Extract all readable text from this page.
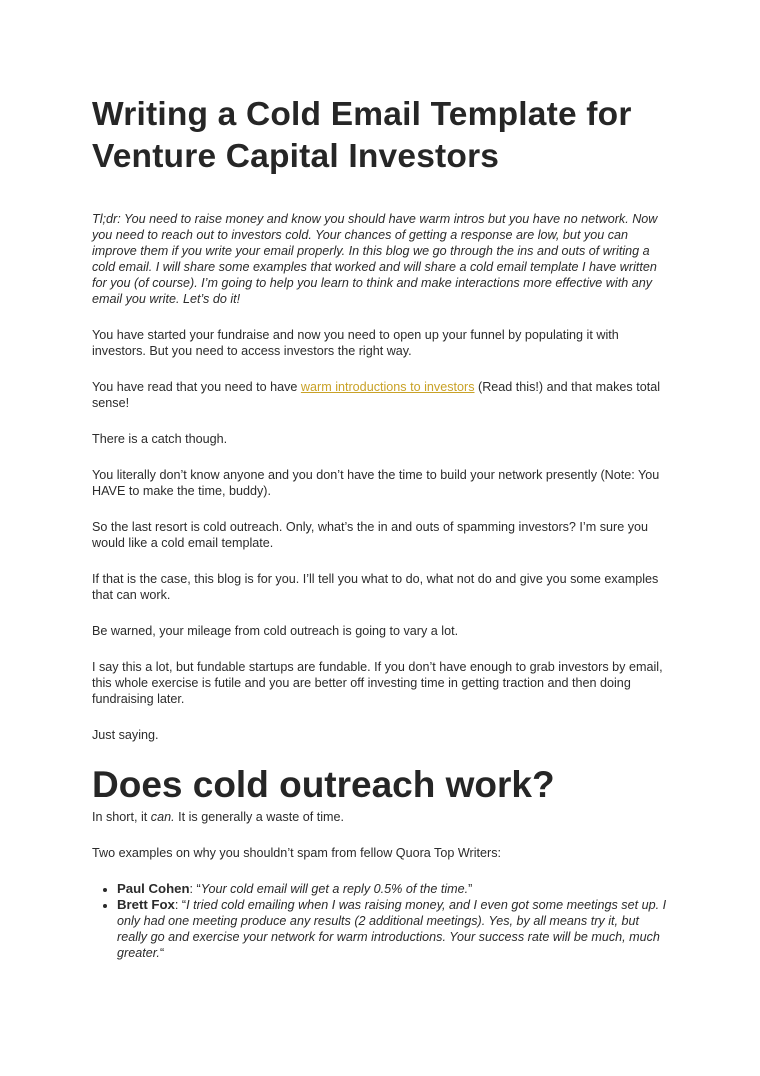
Writing a Cold Email Template for Venture Capital Investors

Tl;dr: You need to raise money and know you should have warm intros but you have no network. Now you need to reach out to investors cold. Your chances of getting a response are low, but you can improve them if you write your email properly. In this blog we go through the ins and outs of writing a cold email. I will share some examples that worked and will share a cold email template I have written for you (of course). I’m going to help you learn to think and make interactions more effective with any email you write. Let’s do it!

You have started your fundraise and now you need to open up your funnel by populating it with investors. But you need to access investors the right way.

You have read that you need to have warm introductions to investors (Read this!) and that makes total sense!

There is a catch though.

You literally don’t know anyone and you don’t have the time to build your network presently (Note: You HAVE to make the time, buddy).

So the last resort is cold outreach. Only, what’s the in and outs of spamming investors? I’m sure you would like a cold email template.

If that is the case, this blog is for you. I’ll tell you what to do, what not do and give you some examples that can work.

Be warned, your mileage from cold outreach is going to vary a lot.

I say this a lot, but fundable startups are fundable. If you don’t have enough to grab investors by email, this whole exercise is futile and you are better off investing time in getting traction and then doing fundraising later.

Just saying.

Does cold outreach work?

In short, it can. It is generally a waste of time.

Two examples on why you shouldn’t spam from fellow Quora Top Writers:

• Paul Cohen: “Your cold email will get a reply 0.5% of the time.”
• Brett Fox: “I tried cold emailing when I was raising money, and I even got some meetings set up. I only had one meeting produce any results (2 additional meetings). Yes, by all means try it, but really go and exercise your network for warm introductions. Your success rate will be much, much greater.“
